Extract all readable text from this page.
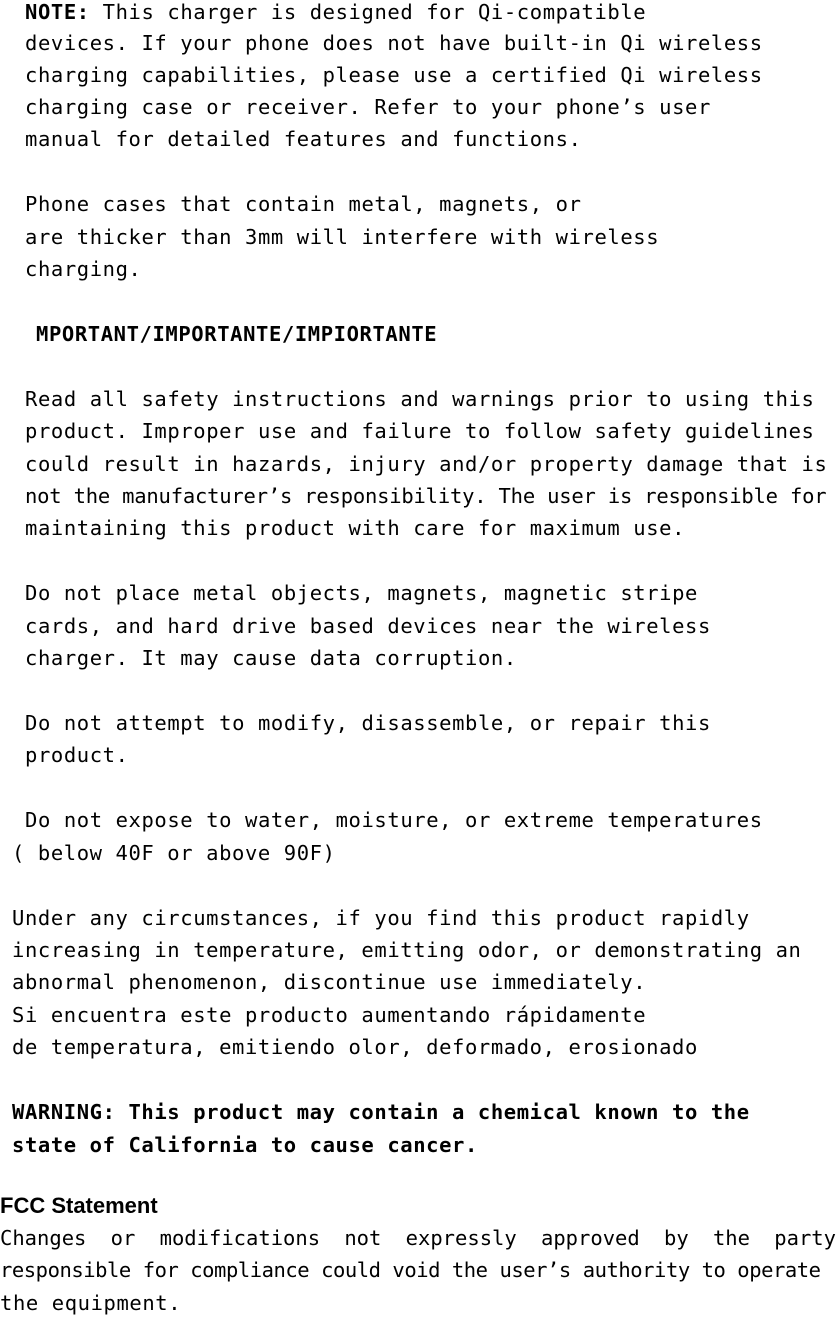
NOTE: This charger is designed for Qi-compatible
devices. If your phone does not have built-in Qi wireless
charging capabilities, please use a certified Qi wireless
charging case or receiver. Refer to your phone’s user
manual for detailed features and functions.
Phone cases that contain metal, magnets, or
are thicker than 3mm will interfere with wireless
charging.
MPORTANT/IMPORTANTE/IMPIORTANTE
Read all safety instructions and warnings prior to using this
product. Improper use and failure to follow safety guidelines
could result in hazards, injury and/or property damage that is
not the manufacturer’s responsibility. The user is responsible for
maintaining this product with care for maximum use.
Do not place metal objects, magnets, magnetic stripe
cards, and hard drive based devices near the wireless
charger. It may cause data corruption.
Do not attempt to modify, disassemble, or repair this
product.
Do not expose to water, moisture, or extreme temperatures
( below 40F or above 90F)
Under any circumstances, if you find this product rapidly
increasing in temperature, emitting odor, or demonstrating an
abnormal phenomenon, discontinue use immediately.
Si encuentra este producto aumentando rápidamente
de temperatura, emitiendo olor, deformado, erosionado
WARNING: This product may contain a chemical known to the
state of California to cause cancer.
FCC Statement
Changes or modifications not expressly approved by the party
responsible for compliance could void the user’s authority to operate
the equipment.
